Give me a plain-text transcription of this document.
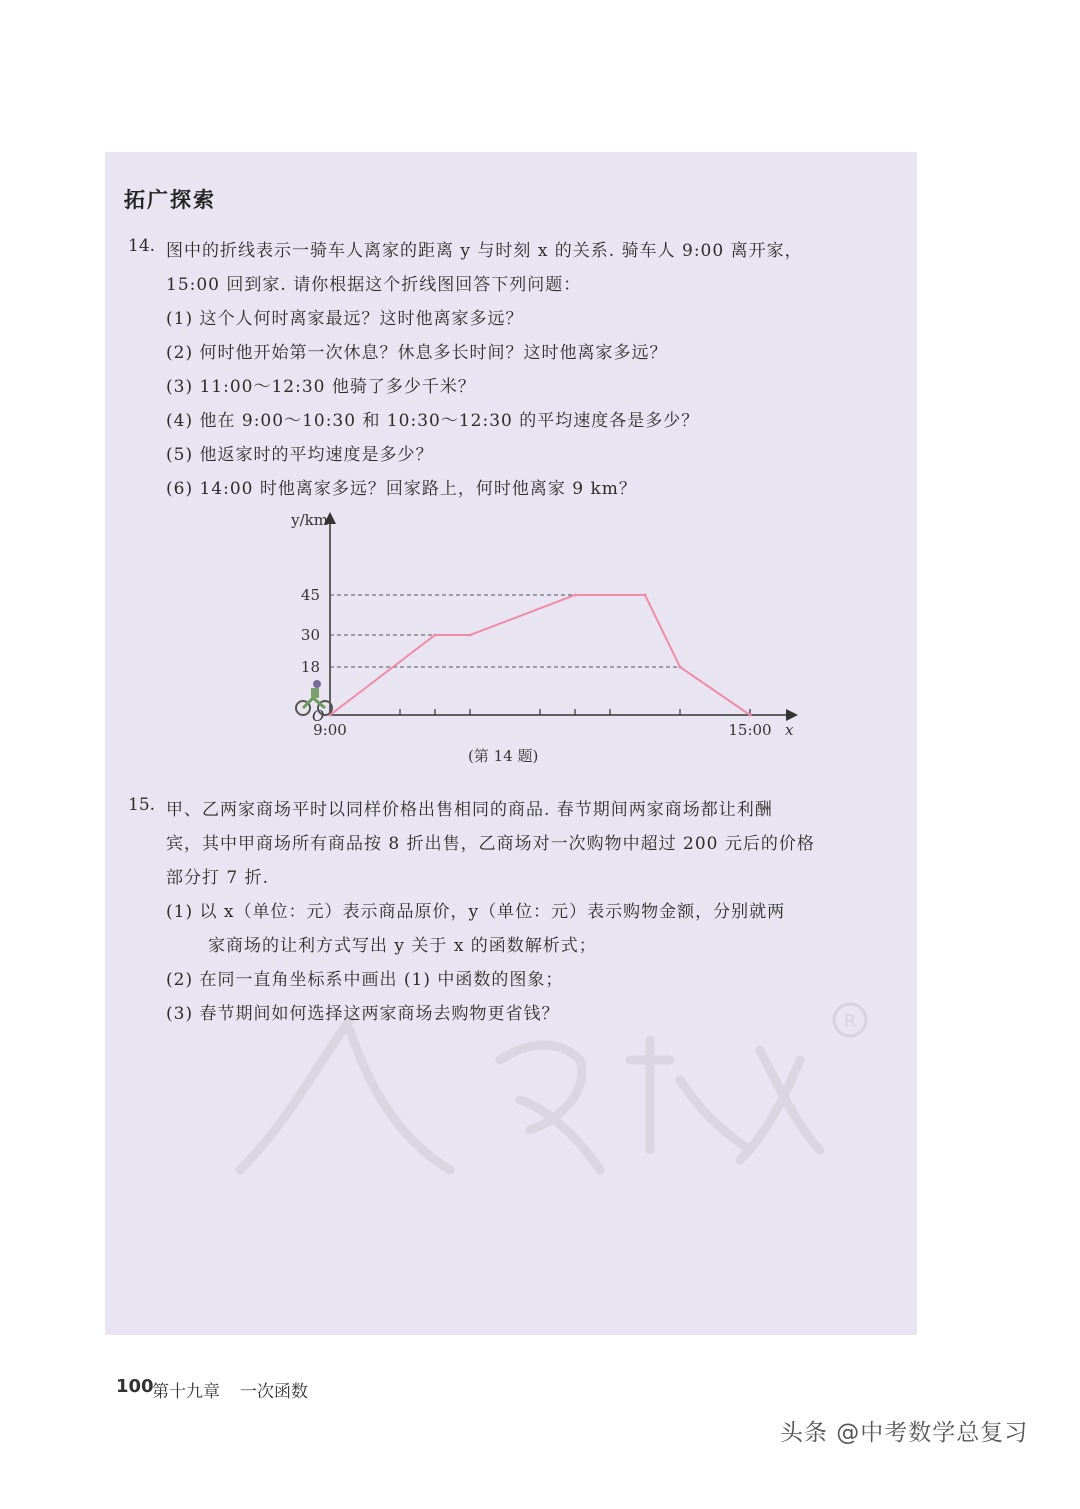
R
拓广探索
14. 图中的折线表示一骑车人离家的距离 y 与时刻 x 的关系. 骑车人 9:00 离开家，
15:00 回到家. 请你根据这个折线图回答下列问题：
(1) 这个人何时离家最远？这时他离家多远？
(2) 何时他开始第一次休息？休息多长时间？这时他离家多远？
(3) 11:00～12:30 他骑了多少千米？
(4) 他在 9:00～10:30 和 10:30～12:30 的平均速度各是多少？
(5) 他返家时的平均速度是多少？
(6) 14:00 时他离家多远？回家路上，何时他离家 9 km？
18
30
45
9:00	15:00
O
y/km
x
(第 14 题)
15. 甲、乙两家商场平时以同样价格出售相同的商品. 春节期间两家商场都让利酬
宾，其中甲商场所有商品按 8 折出售，乙商场对一次购物中超过 200 元后的价格
部分打 7 折.
(1) 以 x（单位：元）表示商品原价，y（单位：元）表示购物金额，分别就两
家商场的让利方式写出 y 关于 x 的函数解析式；
(2) 在同一直角坐标系中画出 (1) 中函数的图象；
(3) 春节期间如何选择这两家商场去购物更省钱？
100
第十九章 一次函数
头条 @中考数学总复习
